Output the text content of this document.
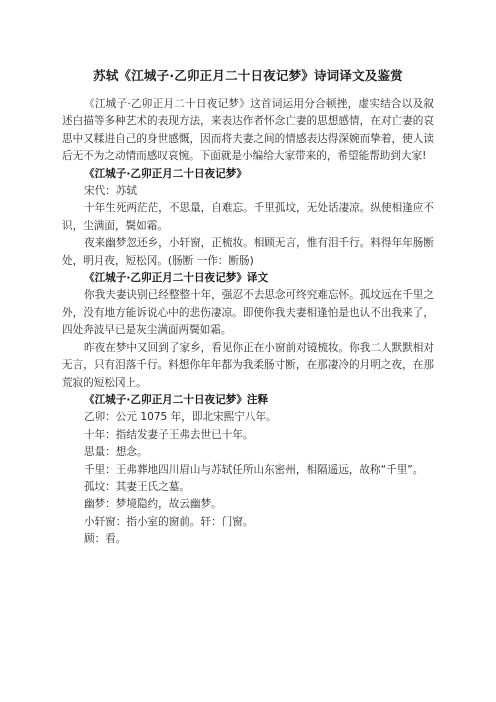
苏轼《江城子·乙卯正月二十日夜记梦》诗词译文及鉴赏

《江城子·乙卯正月二十日夜记梦》这首词运用分合顿挫，虚实结合以及叙述白描等多种艺术的表现方法，来表达作者怀念亡妻的思想感情，在对亡妻的哀思中又糅进自己的身世感慨，因而将夫妻之间的情感表达得深婉而挚着，使人读后无不为之动情而感叹哀惋。下面就是小编给大家带来的，希望能帮助到大家!

《江城子·乙卯正月二十日夜记梦》

宋代：苏轼

十年生死两茫茫，不思量，自难忘。千里孤坟，无处话凄凉。纵使相逢应不识，尘满面，鬓如霜。

夜来幽梦忽还乡，小轩窗，正梳妆。相顾无言，惟有泪千行。料得年年肠断处，明月夜，短松冈。(肠断 一作：断肠)

《江城子·乙卯正月二十日夜记梦》译文

你我夫妻诀别已经整整十年，强忍不去思念可终究难忘怀。孤坟远在千里之外，没有地方能诉说心中的悲伤凄凉。即使你我夫妻相逢怕是也认不出我来了，四处奔波早已是灰尘满面两鬓如霜。

昨夜在梦中又回到了家乡，看见你正在小窗前对镜梳妆。你我二人默默相对无言，只有泪落千行。料想你年年都为我柔肠寸断，在那凄冷的月明之夜，在那荒寂的短松冈上。

《江城子·乙卯正月二十日夜记梦》注释

乙卯：公元 1075 年，即北宋熙宁八年。

十年：指结发妻子王弗去世已十年。

思量：想念。

千里：王弗葬地四川眉山与苏轼任所山东密州，相隔遥远，故称“千里”。

孤坟：其妻王氏之墓。

幽梦：梦境隐约，故云幽梦。

小轩窗：指小室的窗前。轩：门窗。

顾：看。
